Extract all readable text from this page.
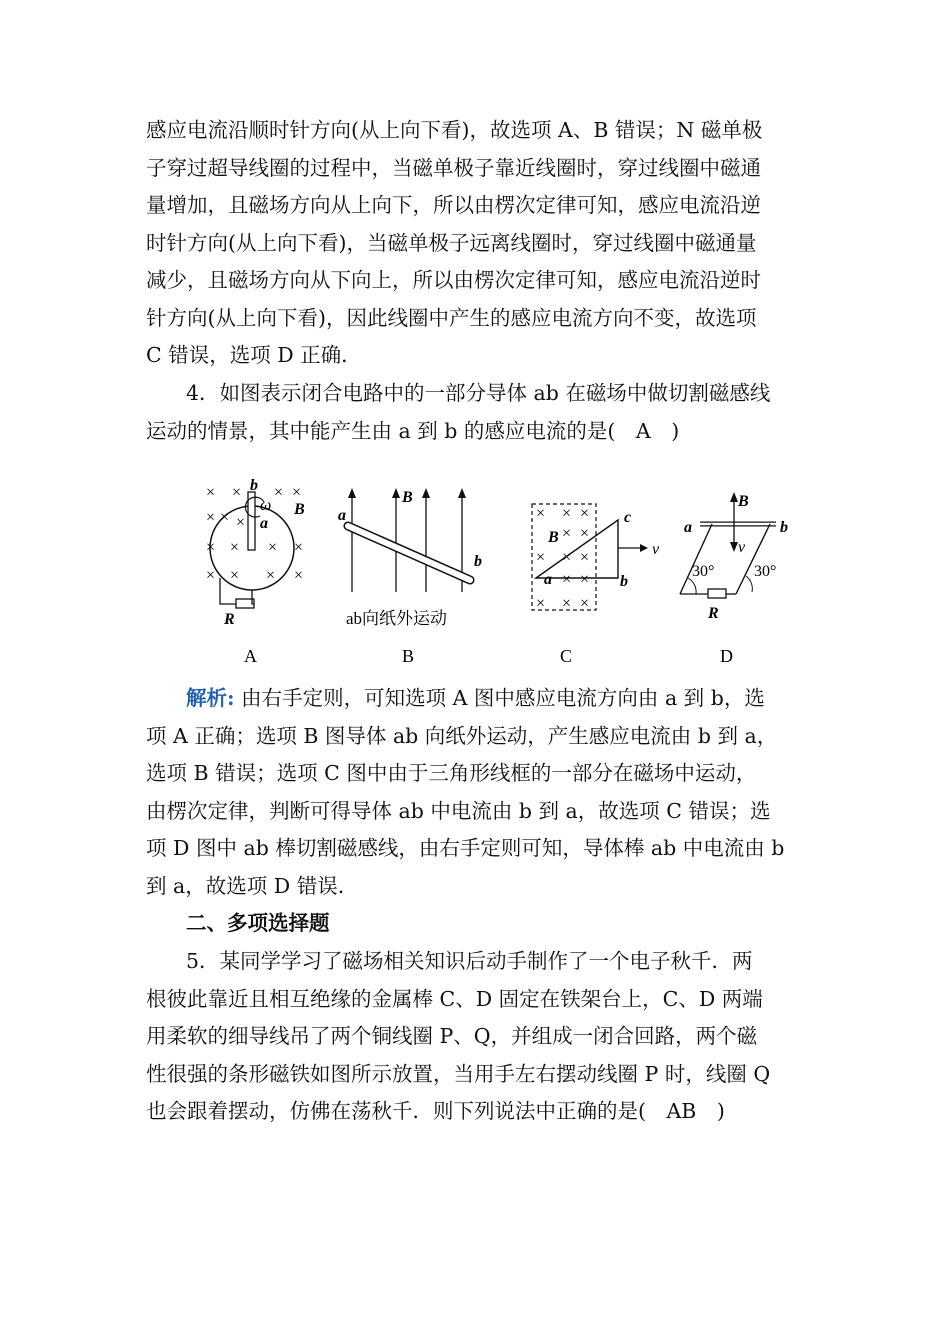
感应电流沿顺时针方向(从上向下看)，故选项 A、B 错误；N 磁单极
子穿过超导线圈的过程中，当磁单极子靠近线圈时，穿过线圈中磁通
量增加，且磁场方向从上向下，所以由楞次定律可知，感应电流沿逆
时针方向(从上向下看)，当磁单极子远离线圈时，穿过线圈中磁通量
减少，且磁场方向从下向上，所以由楞次定律可知，感应电流沿逆时
针方向(从上向下看)，因此线圈中产生的感应电流方向不变，故选项
C 错误，选项 D 正确．
4．如图表示闭合电路中的一部分导体 ab 在磁场中做切割磁感线
运动的情景，其中能产生由 a 到 b 的感应电流的是(　A　)
× × × ×
× ×
× × × ×
× × × ×
×
b
a
ω B
R
A
a
b
B
ab向纸外运动
B
× × ×
× ×
× × ×
× ×
× × ×
B
c
v
a	b
C
a	b
B
v
30° 30°
R
D
解析: 由右手定则，可知选项 A 图中感应电流方向由 a 到 b，选
项 A 正确；选项 B 图导体 ab 向纸外运动，产生感应电流由 b 到 a，
选项 B 错误；选项 C 图中由于三角形线框的一部分在磁场中运动，
由楞次定律，判断可得导体 ab 中电流由 b 到 a，故选项 C 错误；选
项 D 图中 ab 棒切割磁感线，由右手定则可知，导体棒 ab 中电流由 b
到 a，故选项 D 错误．
二、多项选择题
5．某同学学习了磁场相关知识后动手制作了一个电子秋千．两
根彼此靠近且相互绝缘的金属棒 C、D 固定在铁架台上，C、D 两端
用柔软的细导线吊了两个铜线圈 P、Q，并组成一闭合回路，两个磁
性很强的条形磁铁如图所示放置，当用手左右摆动线圈 P 时，线圈 Q
也会跟着摆动，仿佛在荡秋千．则下列说法中正确的是(　AB　)
